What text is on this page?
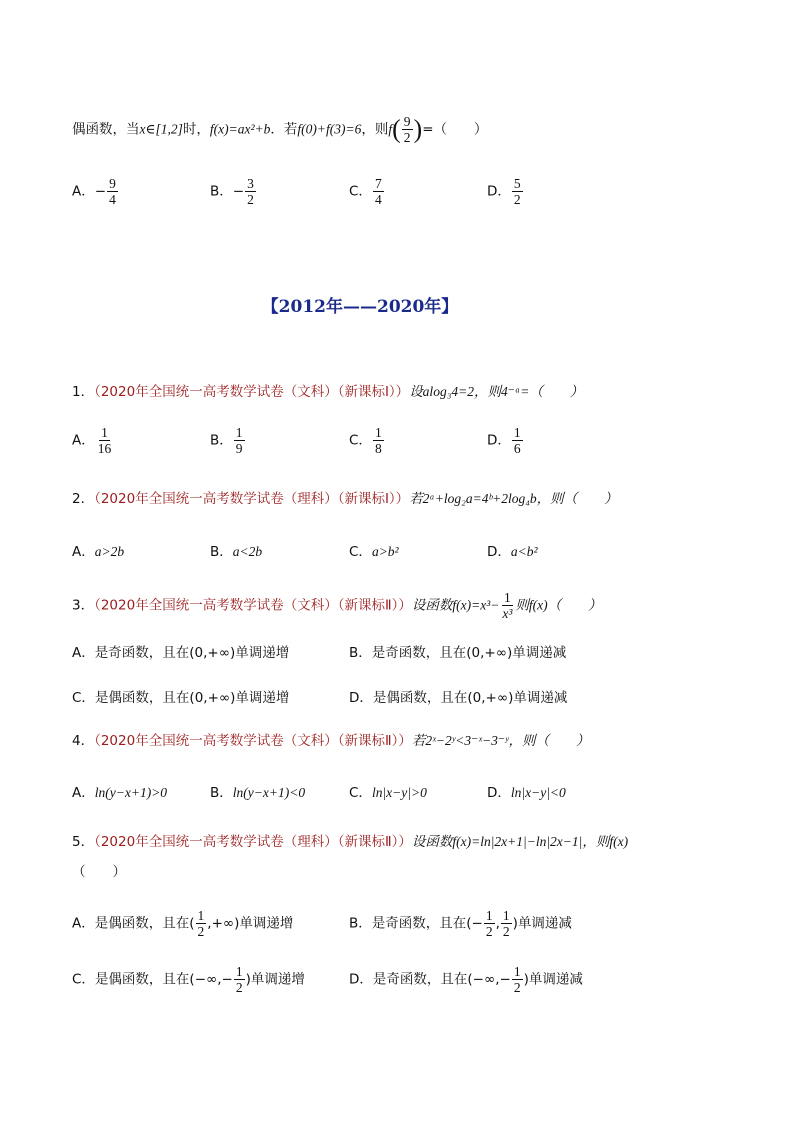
偶函数，当x∈[1,2]时，f(x)=ax²+b．若f(0)+f(3)=6，则$f( \frac{9}{2}$ )=（　　）
A．− $\frac{9}{4}$	B．− $\frac{3}{2}$	C． $\frac{7}{4}$	D． $\frac{5}{2}$
【2012年——2020年】
1．（2020年全国统一高考数学试卷（文科）（新课标Ⅰ））设alog₃4=2，则4⁻ᵃ=（　　）
A． $\frac{1}{16}$	B． $\frac{1}{9}$	C． $\frac{1}{8}$	D． $\frac{1}{6}$
2．（2020年全国统一高考数学试卷（理科）（新课标Ⅰ））若2ᵃ+log₂a=4ᵇ+2log₄b，则（　　）
A．a>2b	B．a<2b	C．a>b²	D．a<b²
3．（2020年全国统一高考数学试卷（文科）（新课标Ⅱ））设函数$f(x)=x^3- \frac{1}{\text{x³}}$ 则f(x)（　　）
A．是奇函数，且在(0,+∞)单调递增	B．是奇函数，且在(0,+∞)单调递减
C．是偶函数，且在(0,+∞)单调递增	D．是偶函数，且在(0,+∞)单调递减
4．（2020年全国统一高考数学试卷（文科）（新课标Ⅱ））若2ˣ−2ʸ<3⁻ˣ−3⁻ʸ，则（　　）
A．ln(y−x+1)>0	B．ln(y−x+1)<0	C．ln|x−y|>0	D．ln|x−y|<0
5．（2020年全国统一高考数学试卷（理科）（新课标Ⅱ））设函数f(x)=ln|2x+1|−ln|2x−1|，则f(x)
（　　）
A．是偶函数，且在( $\frac{1}{2}$ ,+∞)单调递增	B．是奇函数，且在(− $\frac{1}{2}$ , $\frac{1}{2}$ )单调递减
C．是偶函数，且在(−∞,− $\frac{1}{2}$ )单调递增	D．是奇函数，且在(−∞,− $\frac{1}{2}$ )单调递减
